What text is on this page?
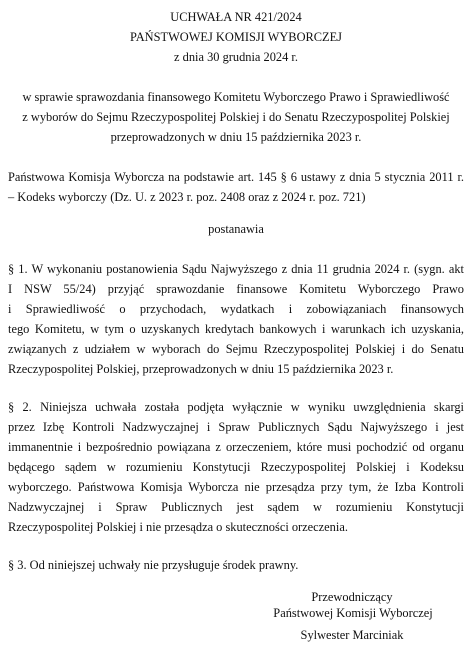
UCHWAŁA NR 421/2024
PAŃSTWOWEJ KOMISJI WYBORCZEJ
z dnia 30 grudnia 2024 r.
w sprawie sprawozdania finansowego Komitetu Wyborczego Prawo i Sprawiedliwość
z wyborów do Sejmu Rzeczypospolitej Polskiej i do Senatu Rzeczypospolitej Polskiej
przeprowadzonych w dniu 15 października 2023 r.
Państwowa Komisja Wyborcza na podstawie art. 145 § 6 ustawy z dnia 5 stycznia 2011 r.
– Kodeks wyborczy (Dz. U. z 2023 r. poz. 2408 oraz z 2024 r. poz. 721)
postanawia
§ 1. W wykonaniu postanowienia Sądu Najwyższego z dnia 11 grudnia 2024 r. (sygn. akt
I NSW 55/24) przyjąć sprawozdanie finansowe Komitetu Wyborczego Prawo
i Sprawiedliwość o przychodach, wydatkach i zobowiązaniach finansowych
tego Komitetu, w tym o uzyskanych kredytach bankowych i warunkach ich uzyskania,
związanych z udziałem w wyborach do Sejmu Rzeczypospolitej Polskiej i do Senatu
Rzeczypospolitej Polskiej, przeprowadzonych w dniu 15 października 2023 r.
§ 2. Niniejsza uchwała została podjęta wyłącznie w wyniku uwzględnienia skargi
przez Izbę Kontroli Nadzwyczajnej i Spraw Publicznych Sądu Najwyższego i jest
immanentnie i bezpośrednio powiązana z orzeczeniem, które musi pochodzić od organu
będącego sądem w rozumieniu Konstytucji Rzeczypospolitej Polskiej i Kodeksu
wyborczego. Państwowa Komisja Wyborcza nie przesądza przy tym, że Izba Kontroli
Nadzwyczajnej i Spraw Publicznych jest sądem w rozumieniu Konstytucji
Rzeczypospolitej Polskiej i nie przesądza o skuteczności orzeczenia.
§ 3. Od niniejszej uchwały nie przysługuje środek prawny.
Przewodniczący
Państwowej Komisji Wyborczej
Sylwester Marciniak
